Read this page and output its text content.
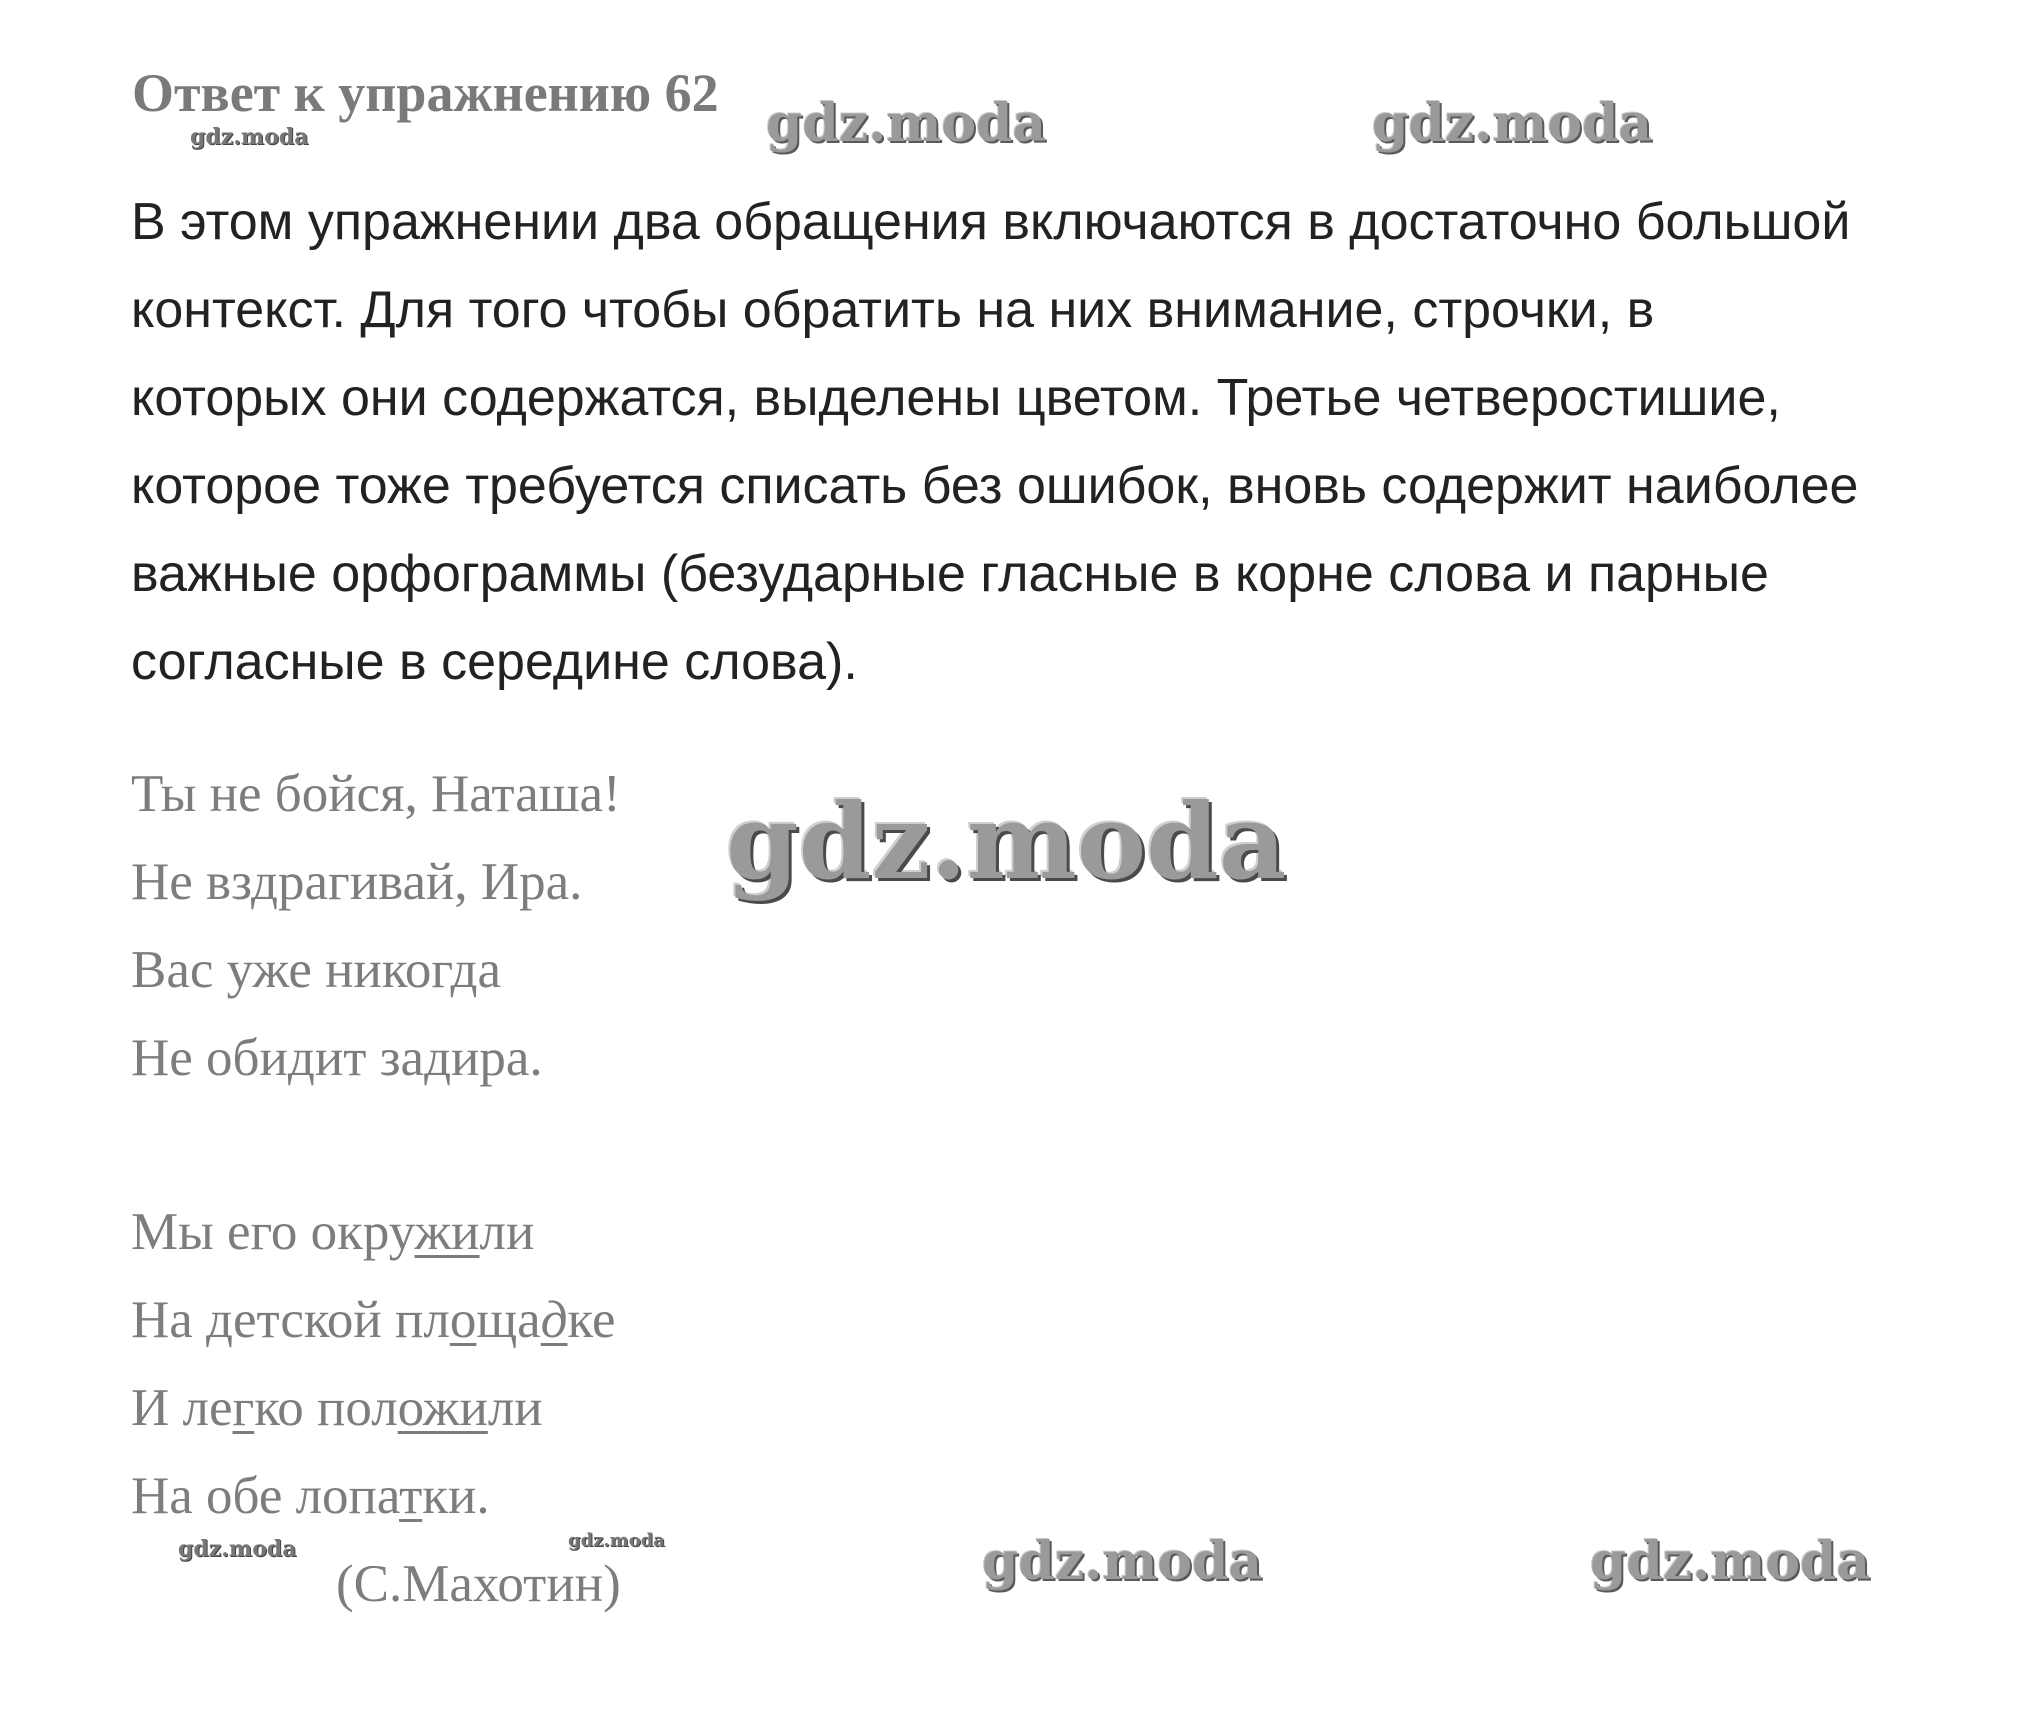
Ответ к упражнению 62
В этом упражнении два обращения включаются в достаточно большой
контекст. Для того чтобы обратить на них внимание, строчки, в
которых они содержатся, выделены цветом. Третье четверостишие,
которое тоже требуется списать без ошибок, вновь содержит наиболее
важные орфограммы (безударные гласные в корне слова и парные
согласные в середине слова).
Ты не бойся, Наташа!
Не вздрагивай, Ира.
Вас уже никогда
Не обидит задира.
Мы его окружили
На детской площадке
И легко положили
На обе лопатки.
(С.Махотин)
gdz.moda	gdz.moda	gdz.moda
gdz.moda
gdz.moda	gdz.moda	gdz.moda	gdz.moda
